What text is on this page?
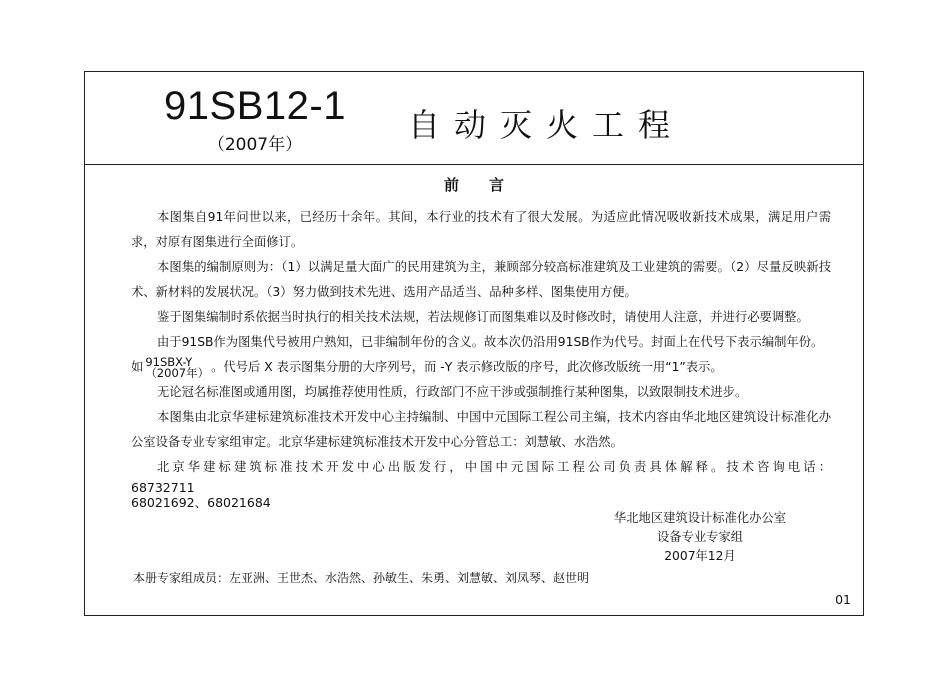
91SB12-1
（2007年）
自动灭火工程
前言

本图集自91年问世以来，已经历十余年。其间，本行业的技术有了很大发展。为适应此情况吸收新技术成果，满足用户需求，对原有图集进行全面修订。

本图集的编制原则为：（1）以满足量大面广的民用建筑为主，兼顾部分较高标准建筑及工业建筑的需要。（2）尽量反映新技术、新材料的发展状况。（3）努力做到技术先进、选用产品适当、品种多样、图集使用方便。

鉴于图集编制时系依据当时执行的相关技术法规，若法规修订而图集难以及时修改时，请使用人注意，并进行必要调整。

由于91SB作为图集代号被用户熟知，已非编制年份的含义。故本次仍沿用91SB作为代号。封面上在代号下表示编制年份。

如 91SBX-Y
（2007年） 。代号后 X 表示图集分册的大序列号，而 -Y 表示修改版的序号，此次修改版统一用“1”表示。

无论冠名标准图或通用图，均属推荐使用性质，行政部门不应干涉或强制推行某种图集，以致限制技术进步。

本图集由北京华建标建筑标准技术开发中心主持编制、中国中元国际工程公司主编，技术内容由华北地区建筑设计标准化办公室设备专业专家组审定。北京华建标建筑标准技术开发中心分管总工：刘慧敏、水浩然。

北京华建标建筑标准技术开发中心出版发行，中国中元国际工程公司负责具体解释。技术咨询电话：
68732711
68021692、68021684

华北地区建筑设计标准化办公室
设备专业专家组
2007年12月
本册专家组成员：左亚洲、王世杰、水浩然、孙敏生、朱勇、刘慧敏、刘凤琴、赵世明
01
